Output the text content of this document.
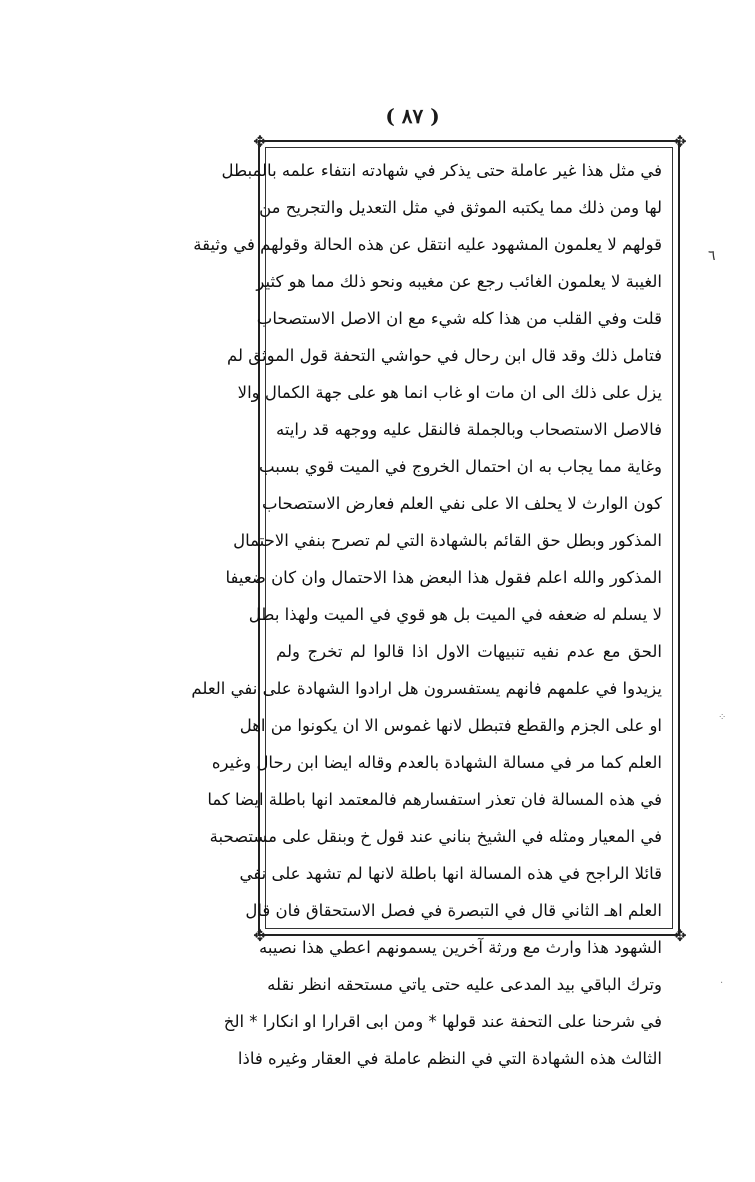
( ٨٧ )
✥	✥
✥	✥
٦
⁘
·
في مثل هذا غير عاملة حتى يذكر في شهادته انتفاء علمه بالمبطل
لها ومن ذلك مما يكتبه الموثق في مثل التعديل والتجريح من
قولهم لا يعلمون المشهود عليه انتقل عن هذه الحالة وقولهم في وثيقة
الغيبة لا يعلمون الغائب رجع عن مغيبه ونحو ذلك مما هو كثير
قلت وفي القلب من هذا كله شيء مع ان الاصل الاستصحاب
فتامل ذلك وقد قال ابن رحال في حواشي التحفة قول الموثق لم
يزل على ذلك الى ان مات او غاب انما هو على جهة الكمال والا
فالاصل الاستصحاب وبالجملة فالنقل عليه ووجهه قد رايته
وغاية مما يجاب به ان احتمال الخروج في الميت قوي بسبب
كون الوارث لا يحلف الا على نفي العلم فعارض الاستصحاب
المذكور وبطل حق القائم بالشهادة التي لم تصرح بنفي الاحتمال
المذكور والله اعلم فقول هذا البعض هذا الاحتمال وان كان ضعيفا
لا يسلم له ضعفه في الميت بل هو قوي في الميت ولهذا بطل
الحق مع عدم نفيه تنبيهات الاول اذا قالوا لم تخرج ولم
يزيدوا في علمهم فانهم يستفسرون هل ارادوا الشهادة على نفي العلم
او على الجزم والقطع فتبطل لانها غموس الا ان يكونوا من اهل
العلم كما مر في مسالة الشهادة بالعدم وقاله ايضا ابن رحال وغيره
في هذه المسالة فان تعذر استفسارهم فالمعتمد انها باطلة ايضا كما
في المعيار ومثله في الشيخ بناني عند قول خ وبنقل على مستصحبة
قائلا الراجح في هذه المسالة انها باطلة لانها لم تشهد على نفي
العلم اهـ الثاني قال في التبصرة في فصل الاستحقاق فان قال
الشهود هذا وارث مع ورثة آخرين يسمونهم اعطي هذا نصيبه
وترك الباقي بيد المدعى عليه حتى ياتي مستحقه انظر نقله
في شرحنا على التحفة عند قولها * ومن ابى اقرارا او انكارا * الخ
الثالث هذه الشهادة التي في النظم عاملة في العقار وغيره فاذا
